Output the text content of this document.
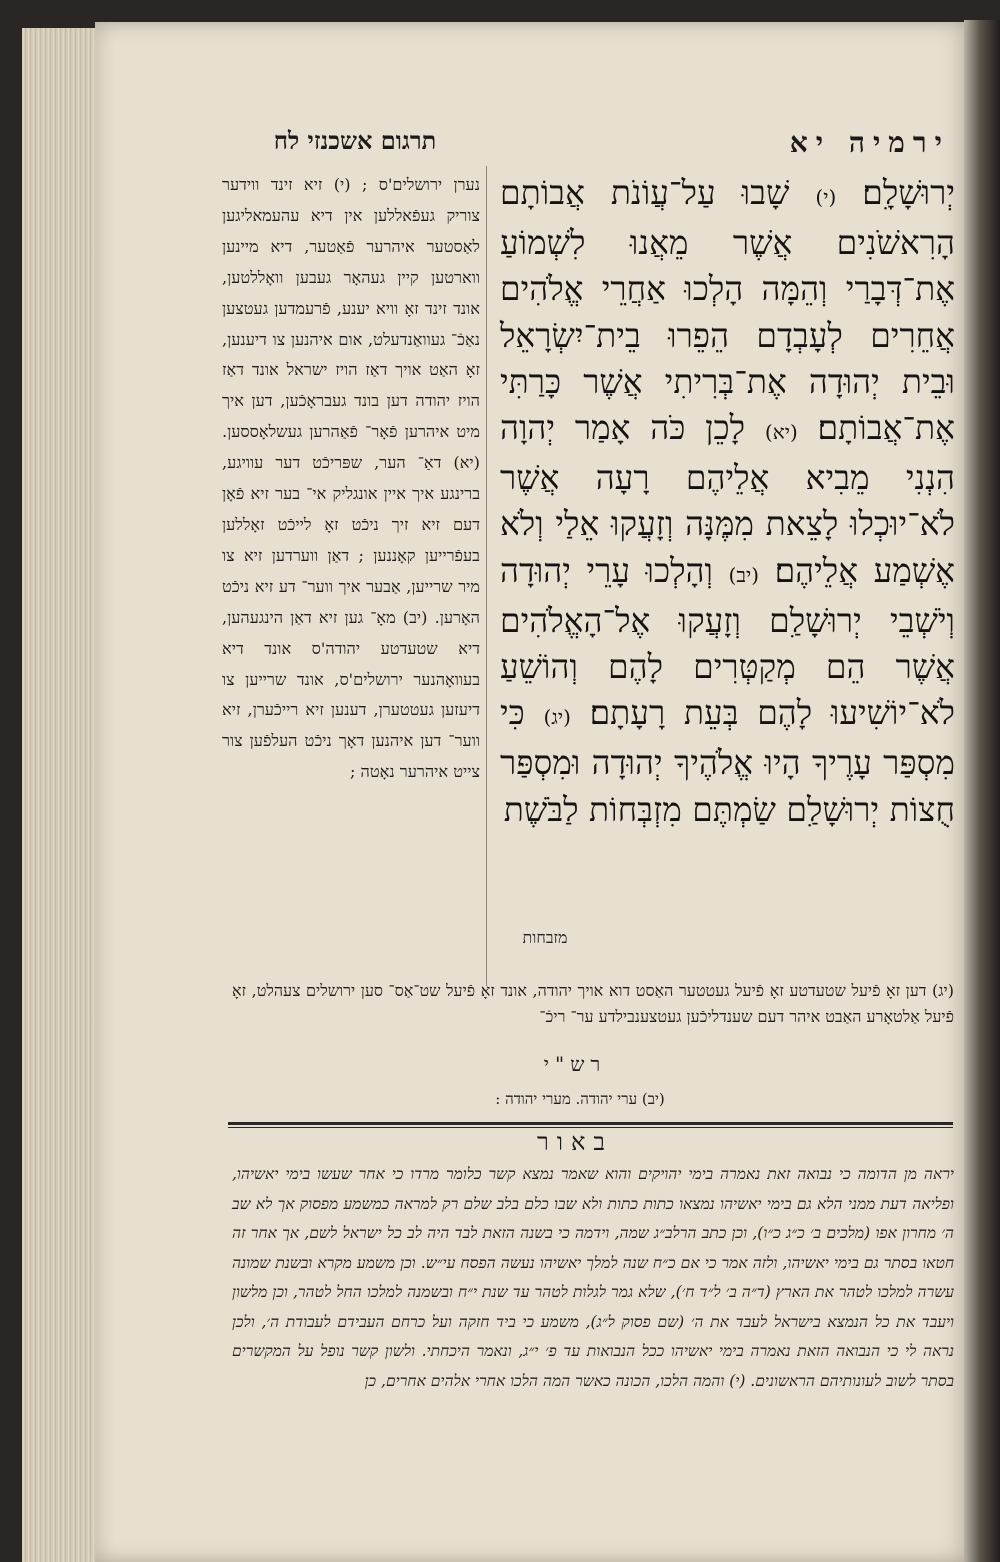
ירמיה יא
תרגום אשכנזי לח

יְרוּשָׁלִָם׃ (י) שָׁבוּ עַל־עֲוֹנֹת אֲבוֹתָם הָרִאשֹׁנִים אֲשֶׁר מֵאֲנוּ לִשְׁמוֹעַ אֶת־דְּבָרַי וְהֵמָּה הָלְכוּ אַחֲרֵי אֱלֹהִים אֲחֵרִים לְעָבְדָם הֵפֵרוּ בֵית־יִשְׂרָאֵל וּבֵית יְהוּדָה אֶת־בְּרִיתִי אֲשֶׁר כָּרַתִּי אֶת־אֲבוֹתָם׃ (יא) לָכֵן כֹּה אָמַר יְהוָה הִנְנִי מֵבִיא אֲלֵיהֶם רָעָה אֲשֶׁר לֹא־יוּכְלוּ לָצֵאת מִמֶּנָּה וְזָעֲקוּ אֵלַי וְלֹא אֶשְׁמַע אֲלֵיהֶם׃ (יב) וְהָלְכוּ עָרֵי יְהוּדָה וְיֹשְׁבֵי יְרוּשָׁלִַם וְזָעֲקוּ אֶל־הָאֱלֹהִים אֲשֶׁר הֵם מְקַטְּרִים לָהֶם וְהוֹשֵׁעַ לֹא־יוֹשִׁיעוּ לָהֶם בְּעֵת רָעָתָם׃ (יג) כִּי מִסְפַּר עָרֶיךָ הָיוּ אֱלֹהֶיךָ יְהוּדָה וּמִסְפַּר חֻצוֹת יְרוּשָׁלִַם שַׂמְתֶּם מִזְבְּחוֹת לַבֹּשֶׁת

מזבחות
נערן ירושלים'ס ; (י) זיא זינד ווידער צוריק געפֿאללען אין דיא עהעמאליגען לאַסטער איהרער פֿאַטער, דיא מיינען ווארטען קיין געהאָר געבען וואָללטען, אונד זינד זאָ וויא יענע, פֿרעמדען געטצען נאַכֿ־ געוואַנדעלט, אום איהנען צו דיענען, זאָ האַט אויך דאַז הויז ישראל אונד דאַז הויז יהודה דען בונד געבראָכֿען, דען איך מיט איהרען פֿאָר־ פֿאַהרען געשלאָססען. (יא) דאַ־ הער, שפּריכֿט דער עוויגע, ברינגע איך איין אונגליק אי־ בער זיא פֿאָן דעם זיא זיך ניכֿט זאָ לייכֿט זאָללען בעפֿרייען קאָננען ; דאַן ווערדען זיא צו מיר שרייען, אַבער איך ווער־ דע זיא ניכֿט האָרען. (יב) מאָ־ גען זיא דאַן הינגעהען, דיא שטעדטע יהודה'ס אונד דיא בעוואָהנער ירושלים'ס, אונד שרייען צו דיעזען געטטערן, דענען זיא רייכֿערן, זיא ווער־ דען איהנען דאָך ניכֿט העלפֿען צור צייט איהרער נאָטה ;
(יג) דען זאָ פֿיעל שטעדטע זאָ פֿיעל געטטער האַסט דוא אויך יהודה, אונד זאָ פֿיעל שט־אַס־ סען ירושלים צעהלט, זאָ פֿיעל אַלטאָרע האַבט איהר דעם שענדליכֿען געטצענבילדע ער־ ריכֿ־
רש"י
(יב) ערי יהודה. מערי יהודה :
באור
יראה מן הדומה כי נבואה זאת נאמרה בימי יהויקים והוא שאמר נמצא קשר כלומר מרדו כי אחר שעשו בימי יאשיהו, ופליאה דעת ממני הלא גם בימי יאשיהו נמצאו כתות כתות ולא שבו כלם בלב שלם רק למראה כמשמע מפסוק אך לא שב ה׳ מחרון אפו (מלכים ב׳ כ״ג כ״ו), וכן כתב הרלב״ג שמה, וידמה כי בשנה הזאת לבד היה לב כל ישראל לשם, אך אחר זה חטאו בסתר גם בימי יאשיהו, ולזה אמר כי אם כ״ח שנה למלך יאשיהו נעשה הפסח עי״ש. וכן משמע מקרא ובשנת שמונה עשרה למלכו לטהר את הארץ (ד״ה ב׳ ל״ד ח׳), שלא גמר לגלות לטהר עד שנת י״ח ובשמנה למלכו החל לטהר, וכן מלשון ויעבד את כל הנמצא בישראל לעבד את ה׳ (שם פסוק ל״ג), משמע כי ביד חזקה ועל כרחם העבידם לעבודת ה׳, ולכן נראה לי כי הנבואה הזאת נאמרה בימי יאשיהו ככל הנבואות עד פ׳ י״ג, ונאמר היכחתי. ולשון קשר נופל על המקשרים בסתר לשוב לעונותיהם הראשונים. (י) והמה הלכו, הכונה כאשר המה הלכו אחרי אלהים אחרים, כן
